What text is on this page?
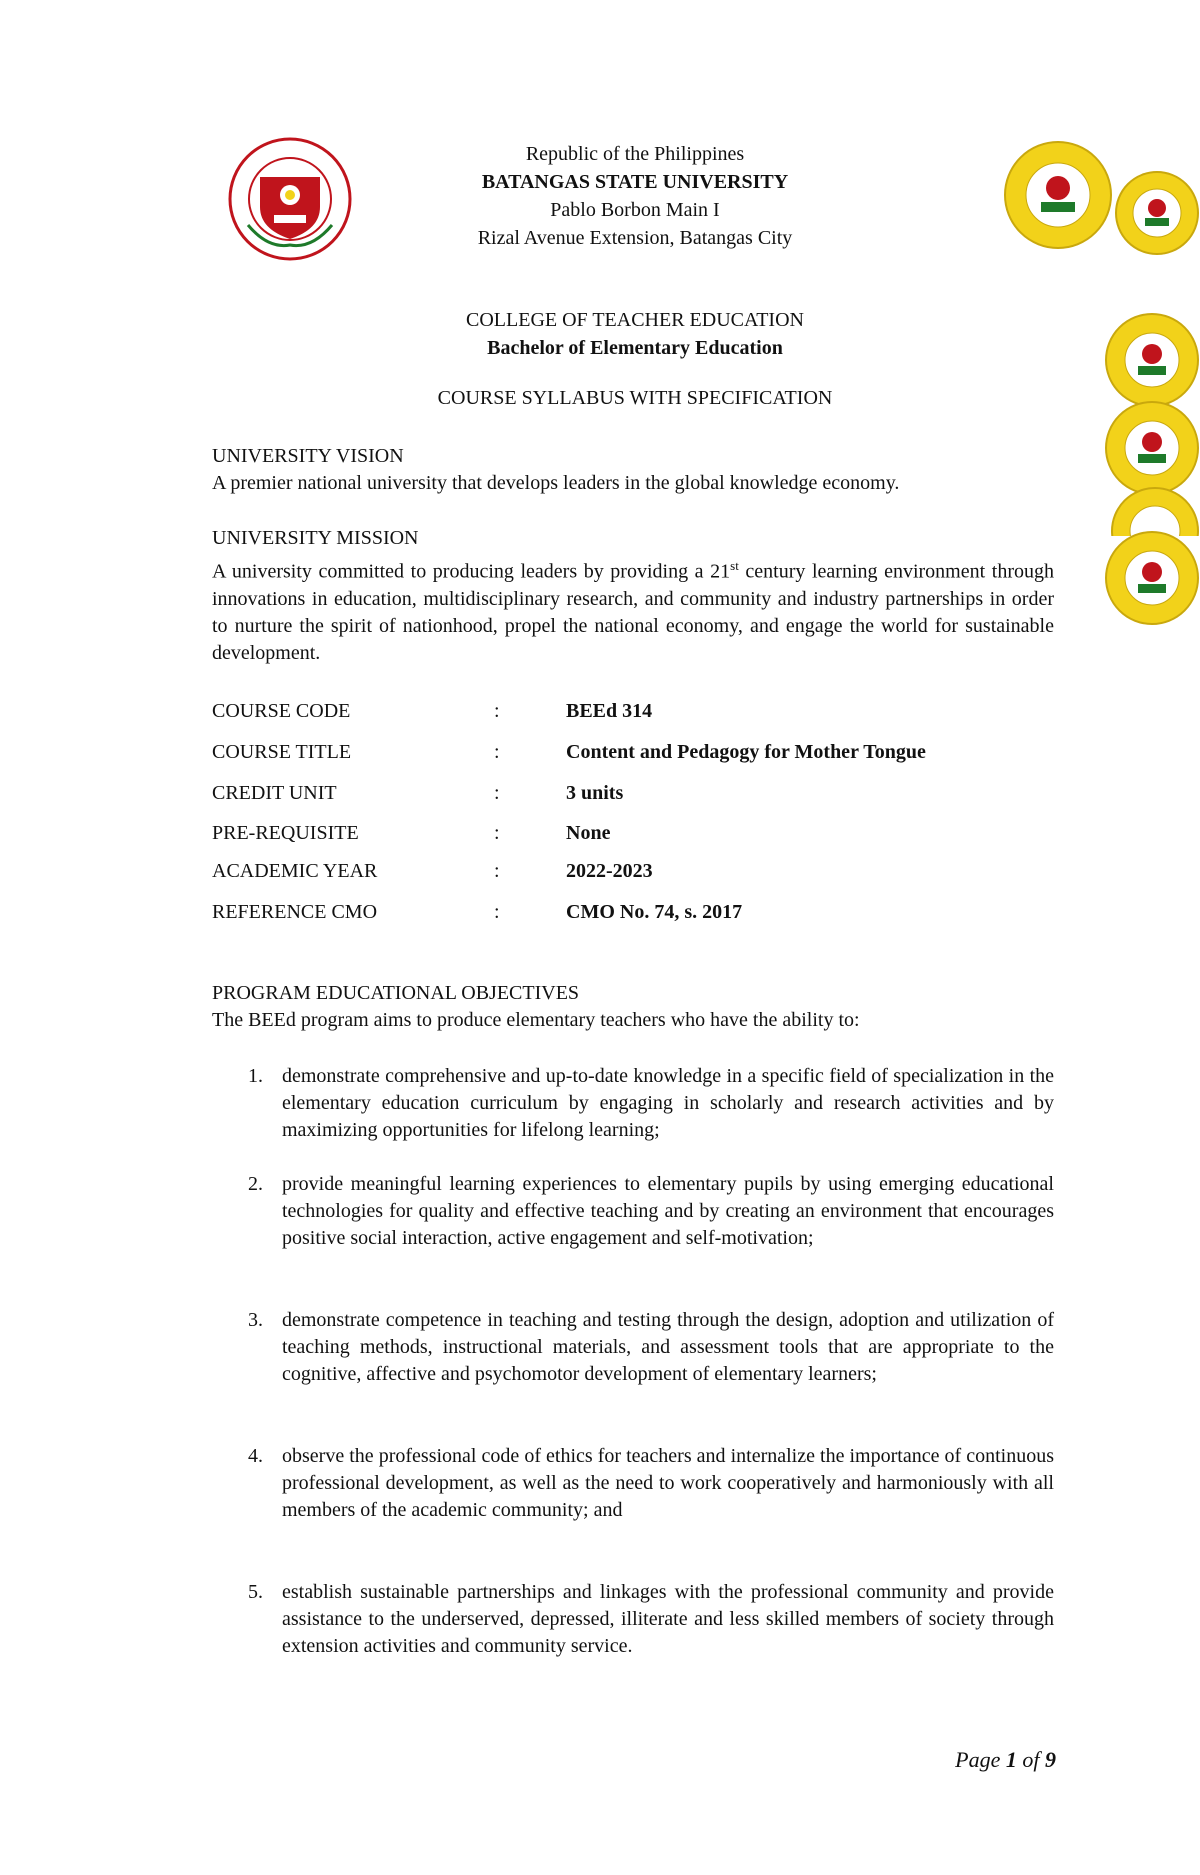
Republic of the Philippines
BATANGAS STATE UNIVERSITY
Pablo Borbon Main I
Rizal Avenue Extension, Batangas City
COLLEGE OF TEACHER EDUCATION
Bachelor of Elementary Education
COURSE SYLLABUS WITH SPECIFICATION
UNIVERSITY VISION
A premier national university that develops leaders in the global knowledge economy.
UNIVERSITY MISSION
A university committed to producing leaders by providing a 21st century learning environment through innovations in education, multidisciplinary research, and community and industry partnerships in order to nurture the spirit of nationhood, propel the national economy, and engage the world for sustainable development.
COURSE CODE	:	BEEd 314
COURSE TITLE	:	Content and Pedagogy for Mother Tongue
CREDIT UNIT	:	3 units
PRE-REQUISITE	:	None
ACADEMIC YEAR	:	2022-2023
REFERENCE CMO	:	CMO No. 74, s. 2017
PROGRAM EDUCATIONAL OBJECTIVES
The BEEd program aims to produce elementary teachers who have the ability to:
1. demonstrate comprehensive and up-to-date knowledge in a specific field of specialization in the elementary education curriculum by engaging in scholarly and research activities and by maximizing opportunities for lifelong learning;
2. provide meaningful learning experiences to elementary pupils by using emerging educational technologies for quality and effective teaching and by creating an environment that encourages positive social interaction, active engagement and self-motivation;
3. demonstrate competence in teaching and testing through the design, adoption and utilization of teaching methods, instructional materials, and assessment tools that are appropriate to the cognitive, affective and psychomotor development of elementary learners;
4. observe the professional code of ethics for teachers and internalize the importance of continuous professional development, as well as the need to work cooperatively and harmoniously with all members of the academic community; and
5. establish sustainable partnerships and linkages with the professional community and provide assistance to the underserved, depressed, illiterate and less skilled members of society through extension activities and community service.
Page 1 of 9
